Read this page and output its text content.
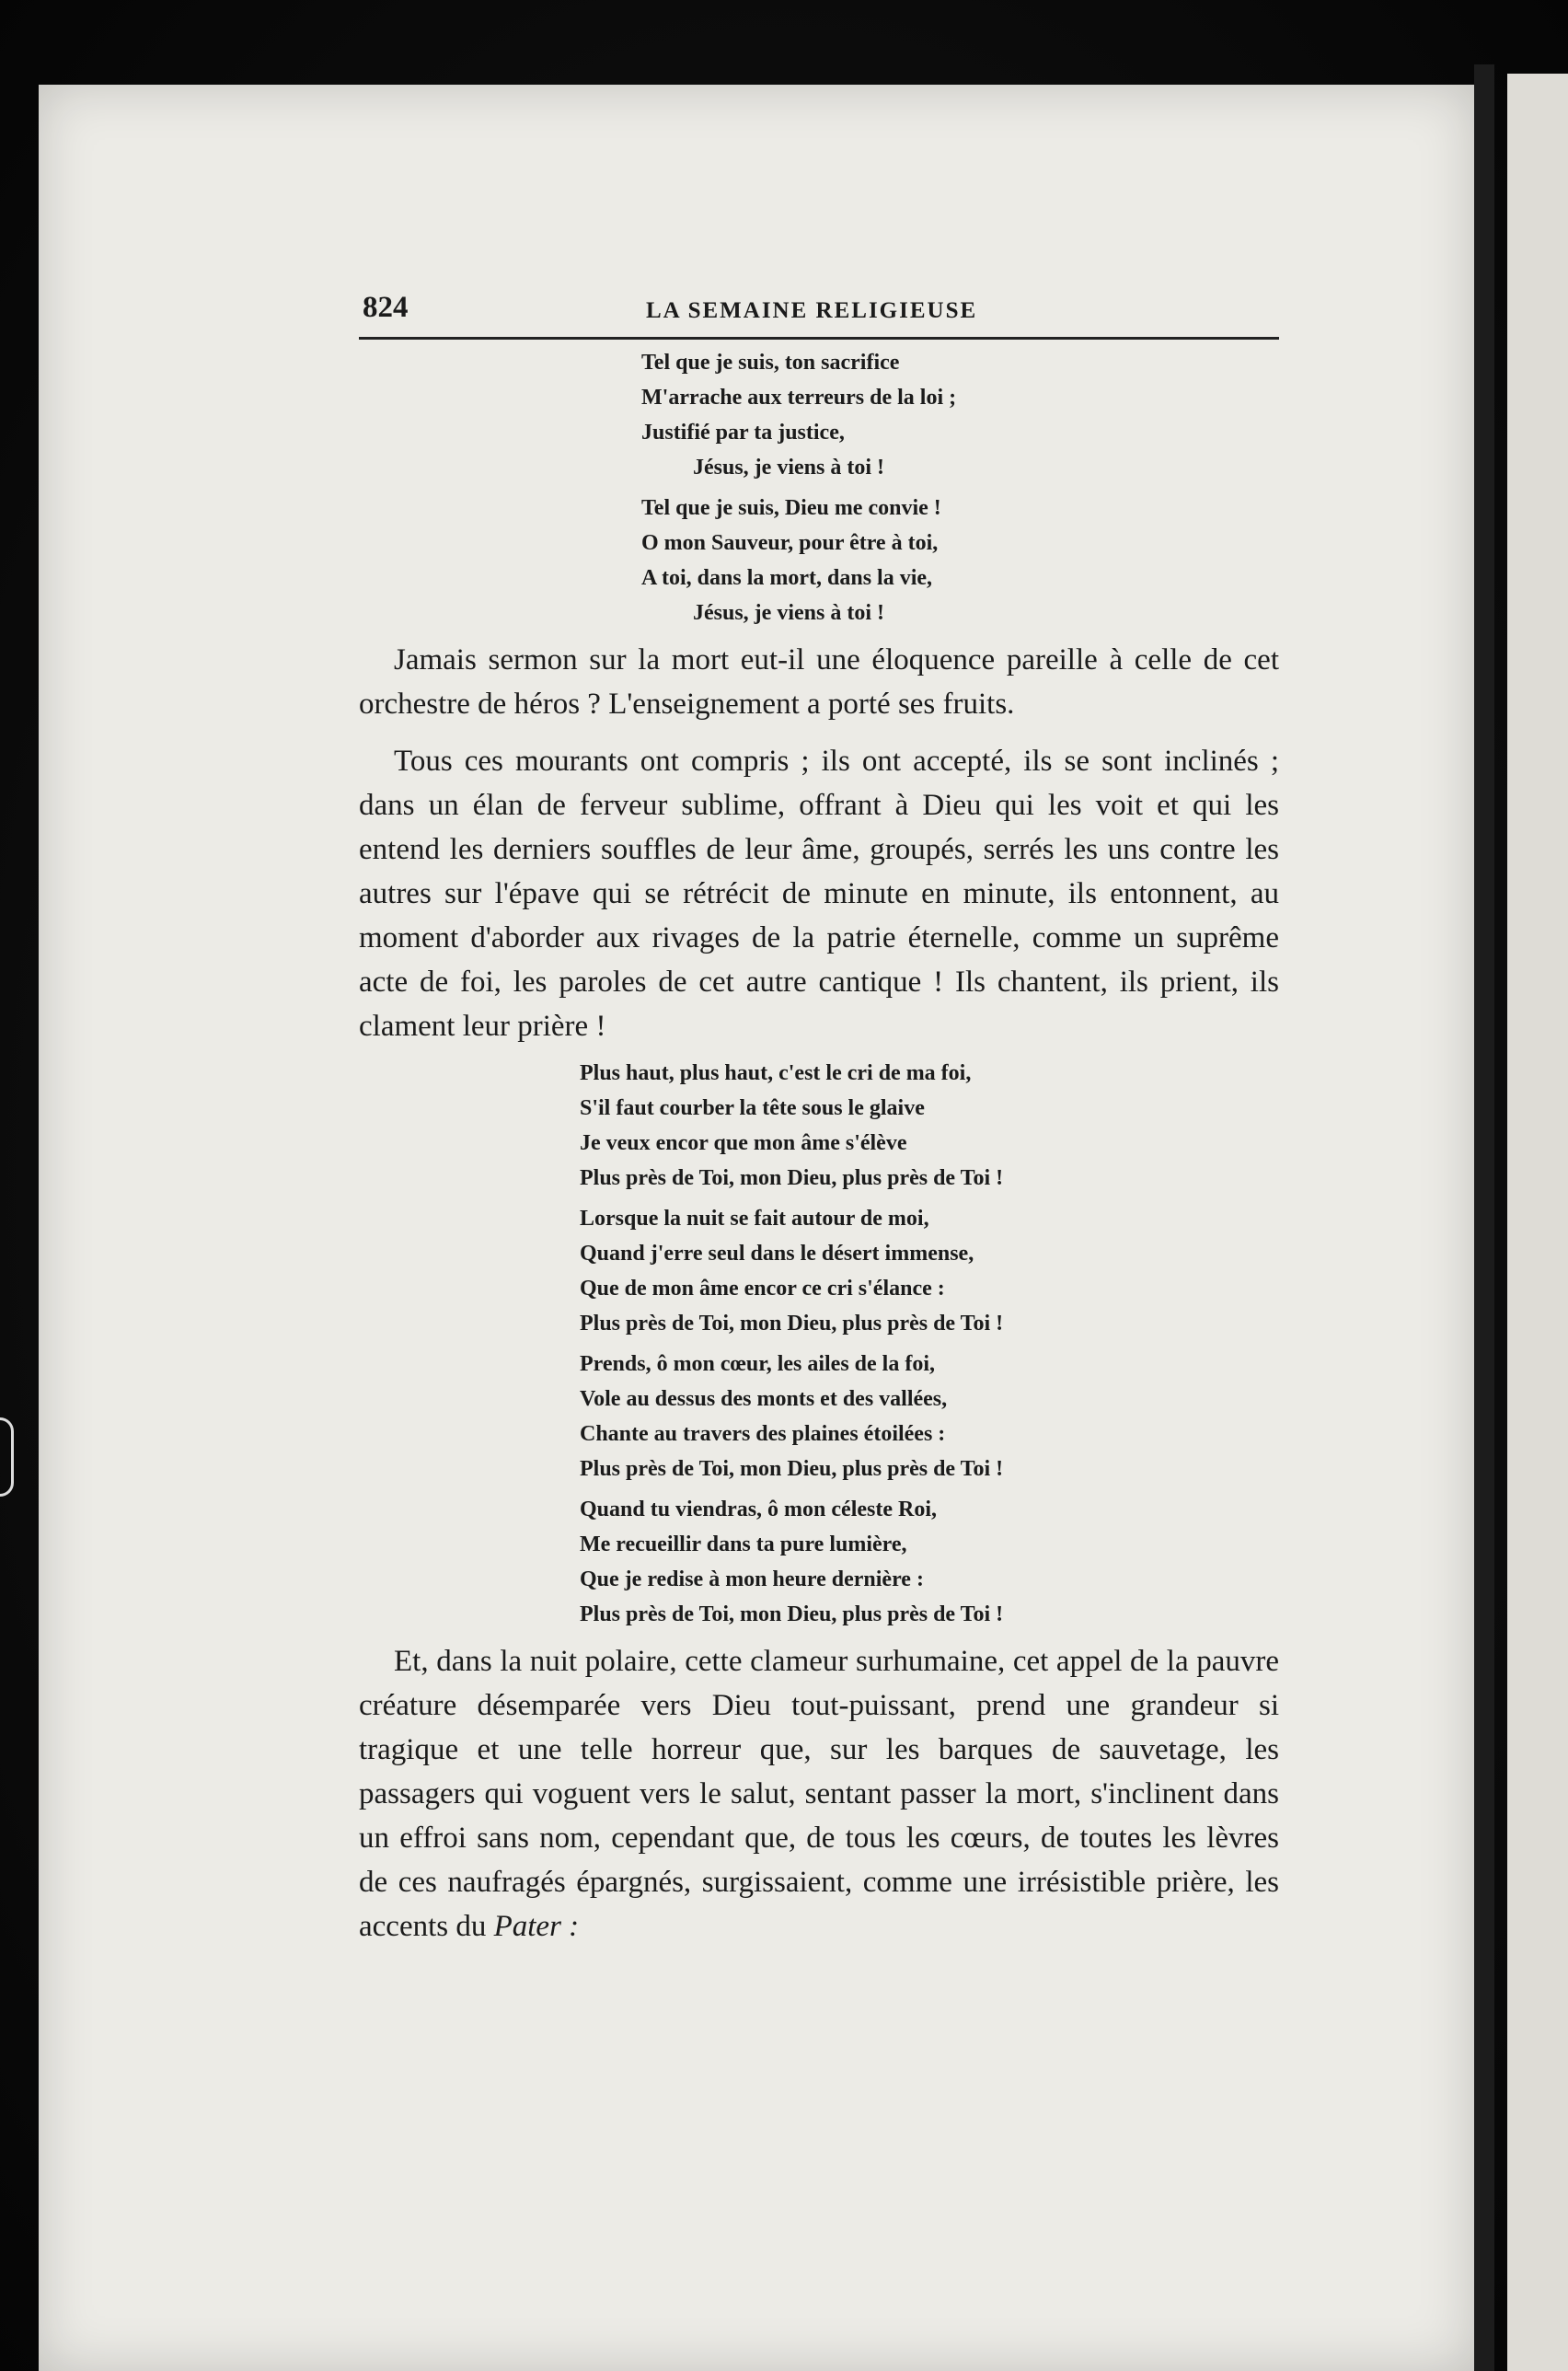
824	LA SEMAINE RELIGIEUSE
Tel que je suis, ton sacrifice
M'arrache aux terreurs de la loi ;
Justifié par ta justice,
Jésus, je viens à toi !
Tel que je suis, Dieu me convie !
O mon Sauveur, pour être à toi,
A toi, dans la mort, dans la vie,
Jésus, je viens à toi !

Jamais sermon sur la mort eut-il une éloquence pareille à celle de cet orchestre de héros ? L'enseignement a porté ses fruits.

Tous ces mourants ont compris ; ils ont accepté, ils se sont inclinés ; dans un élan de ferveur sublime, offrant à Dieu qui les voit et qui les entend les derniers souffles de leur âme, groupés, serrés les uns contre les autres sur l'épave qui se rétrécit de minute en minute, ils entonnent, au moment d'aborder aux rivages de la patrie éternelle, comme un suprême acte de foi, les paroles de cet autre cantique ! Ils chantent, ils prient, ils clament leur prière !

Plus haut, plus haut, c'est le cri de ma foi,
S'il faut courber la tête sous le glaive
Je veux encor que mon âme s'élève
Plus près de Toi, mon Dieu, plus près de Toi !
Lorsque la nuit se fait autour de moi,
Quand j'erre seul dans le désert immense,
Que de mon âme encor ce cri s'élance :
Plus près de Toi, mon Dieu, plus près de Toi !
Prends, ô mon cœur, les ailes de la foi,
Vole au dessus des monts et des vallées,
Chante au travers des plaines étoilées :
Plus près de Toi, mon Dieu, plus près de Toi !
Quand tu viendras, ô mon céleste Roi,
Me recueillir dans ta pure lumière,
Que je redise à mon heure dernière :
Plus près de Toi, mon Dieu, plus près de Toi !

Et, dans la nuit polaire, cette clameur surhumaine, cet appel de la pauvre créature désemparée vers Dieu tout-puissant, prend une grandeur si tragique et une telle horreur que, sur les barques de sauvetage, les passagers qui voguent vers le salut, sentant passer la mort, s'inclinent dans un effroi sans nom, cependant que, de tous les cœurs, de toutes les lèvres de ces naufragés épargnés, surgissaient, comme une irrésistible prière, les accents du Pater :
